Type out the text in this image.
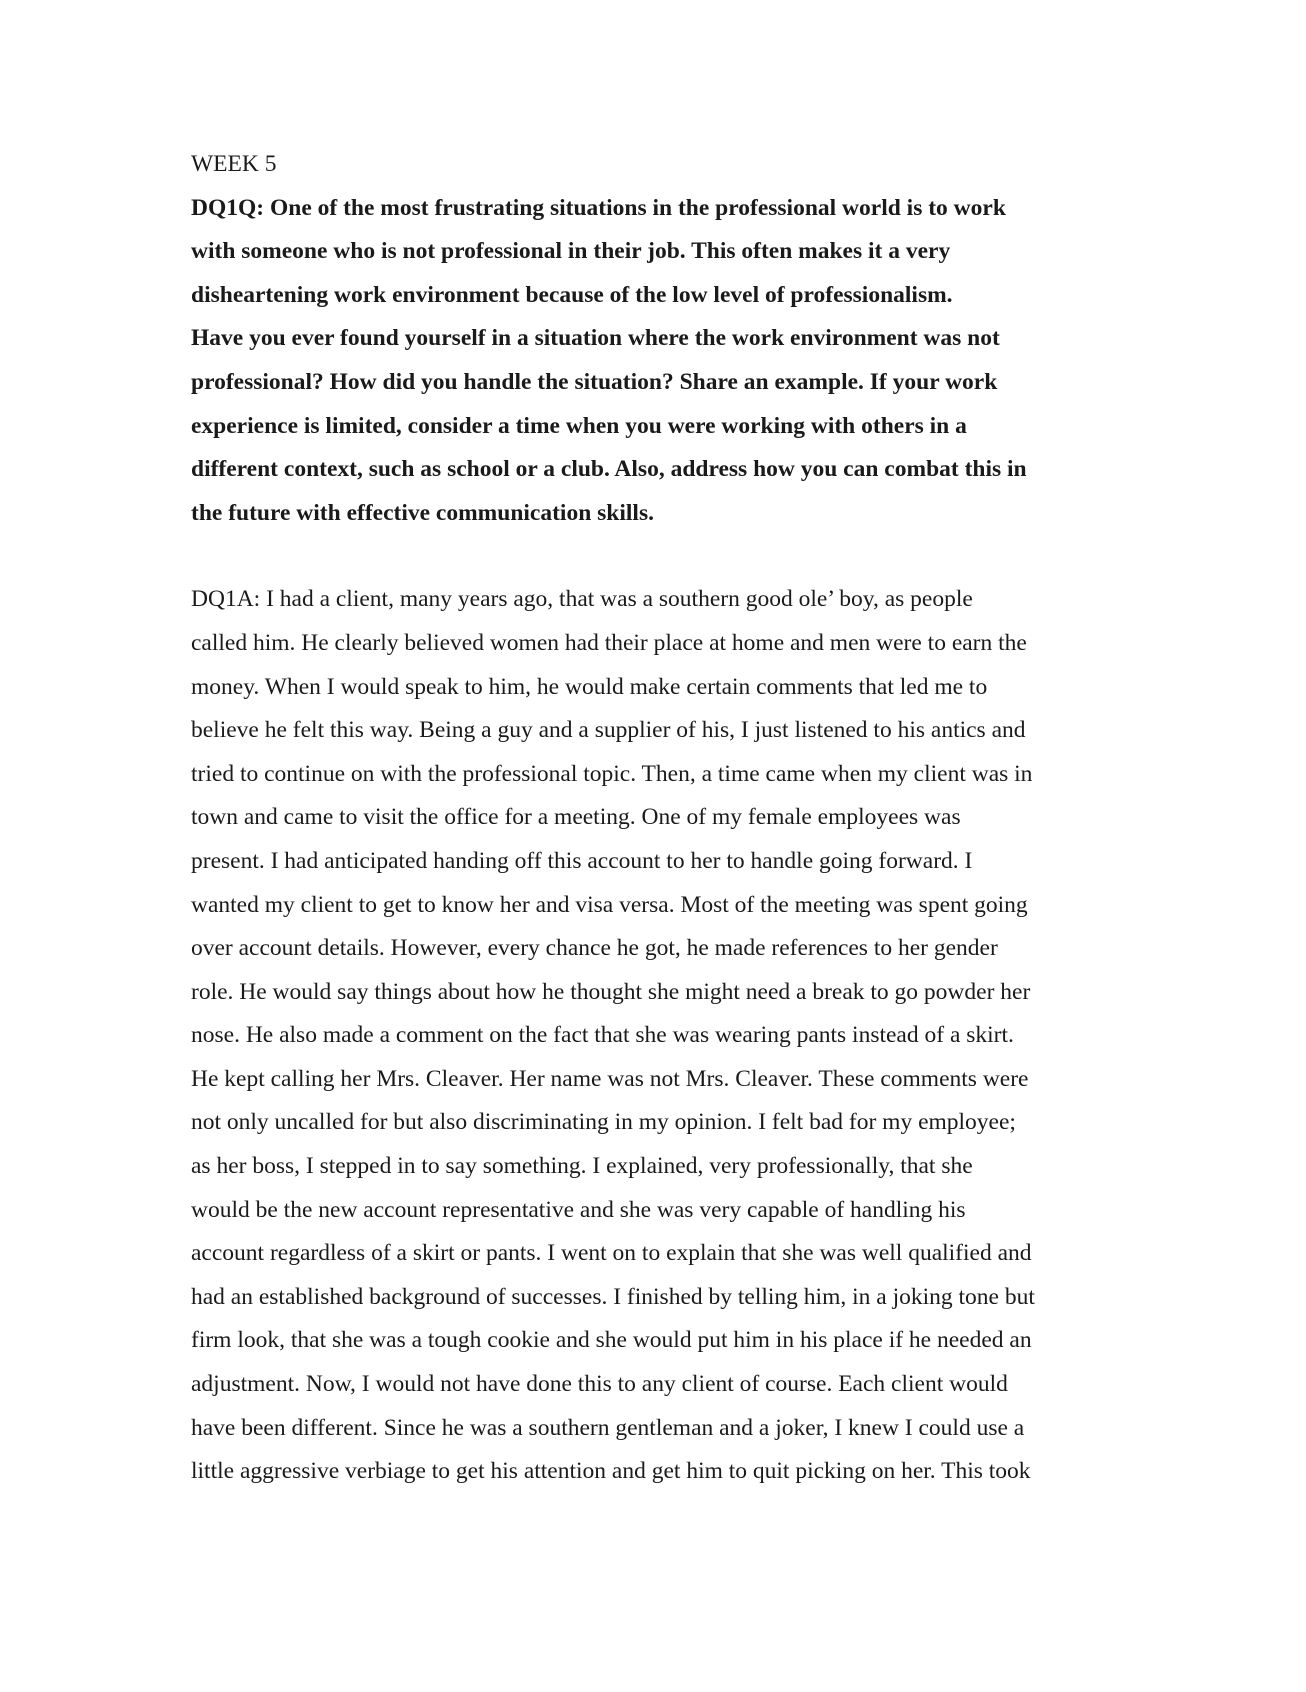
WEEK 5

DQ1Q: One of the most frustrating situations in the professional world is to work
with someone who is not professional in their job. This often makes it a very
disheartening work environment because of the low level of professionalism.
Have you ever found yourself in a situation where the work environment was not
professional? How did you handle the situation? Share an example. If your work
experience is limited, consider a time when you were working with others in a
different context, such as school or a club. Also, address how you can combat this in
the future with effective communication skills.

DQ1A: I had a client, many years ago, that was a southern good ole’ boy, as people
called him. He clearly believed women had their place at home and men were to earn the
money. When I would speak to him, he would make certain comments that led me to
believe he felt this way. Being a guy and a supplier of his, I just listened to his antics and
tried to continue on with the professional topic. Then, a time came when my client was in
town and came to visit the office for a meeting. One of my female employees was
present. I had anticipated handing off this account to her to handle going forward. I
wanted my client to get to know her and visa versa. Most of the meeting was spent going
over account details. However, every chance he got, he made references to her gender
role. He would say things about how he thought she might need a break to go powder her
nose. He also made a comment on the fact that she was wearing pants instead of a skirt.
He kept calling her Mrs. Cleaver. Her name was not Mrs. Cleaver. These comments were
not only uncalled for but also discriminating in my opinion. I felt bad for my employee;
as her boss, I stepped in to say something. I explained, very professionally, that she
would be the new account representative and she was very capable of handling his
account regardless of a skirt or pants. I went on to explain that she was well qualified and
had an established background of successes. I finished by telling him, in a joking tone but
firm look, that she was a tough cookie and she would put him in his place if he needed an
adjustment. Now, I would not have done this to any client of course. Each client would
have been different. Since he was a southern gentleman and a joker, I knew I could use a
little aggressive verbiage to get his attention and get him to quit picking on her. This took
